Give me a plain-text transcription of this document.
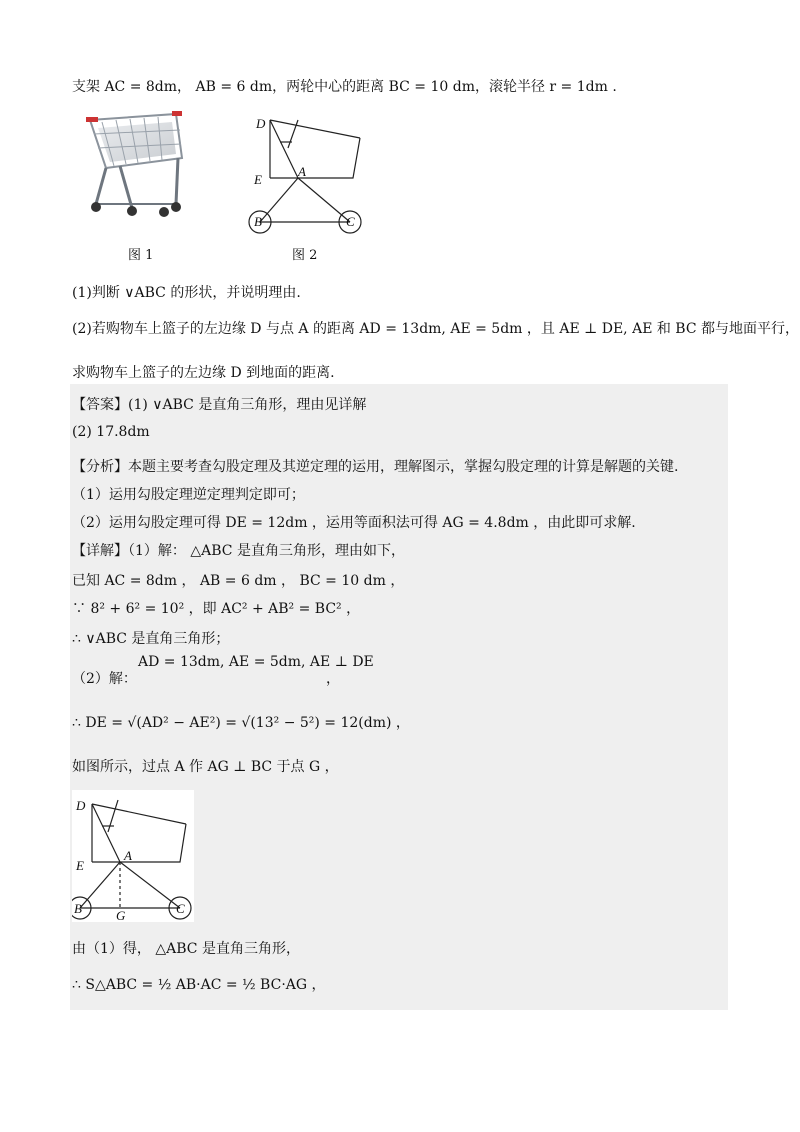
支架 AC = 8dm， AB = 6 dm，两轮中心的距离 BC = 10 dm，滚轮半径 r = 1dm .
图 1
D
E
A
B	C
图 2
(1)判断 ∨ABC 的形状，并说明理由.
(2)若购物车上篮子的左边缘 D 与点 A 的距离 AD = 13dm, AE = 5dm ，且 AE ⊥ DE, AE 和 BC 都与地面平行，
求购物车上篮子的左边缘 D 到地面的距离.
【答案】(1) ∨ABC 是直角三角形，理由见详解
(2) 17.8dm
【分析】本题主要考查勾股定理及其逆定理的运用，理解图示，掌握勾股定理的计算是解题的关键.
（1）运用勾股定理逆定理判定即可；
（2）运用勾股定理可得 DE = 12dm ，运用等面积法可得 AG = 4.8dm ，由此即可求解.
【详解】（1）解： △ABC 是直角三角形，理由如下，
已知 AC = 8dm ， AB = 6 dm ， BC = 10 dm ，
∵ 8² + 6² = 10² ，即 AC² + AB² = BC² ，
∴ ∨ABC 是直角三角形；
AD = 13dm, AE = 5dm, AE ⊥ DE
（2）解：	，
∴ DE = √(AD² − AE²) = √(13² − 5²) = 12(dm) ，
如图所示，过点 A 作 AG ⊥ BC 于点 G ，
D
E
A
B	G	C
由（1）得， △ABC 是直角三角形，
∴ S△ABC = ½ AB·AC = ½ BC·AG ，
